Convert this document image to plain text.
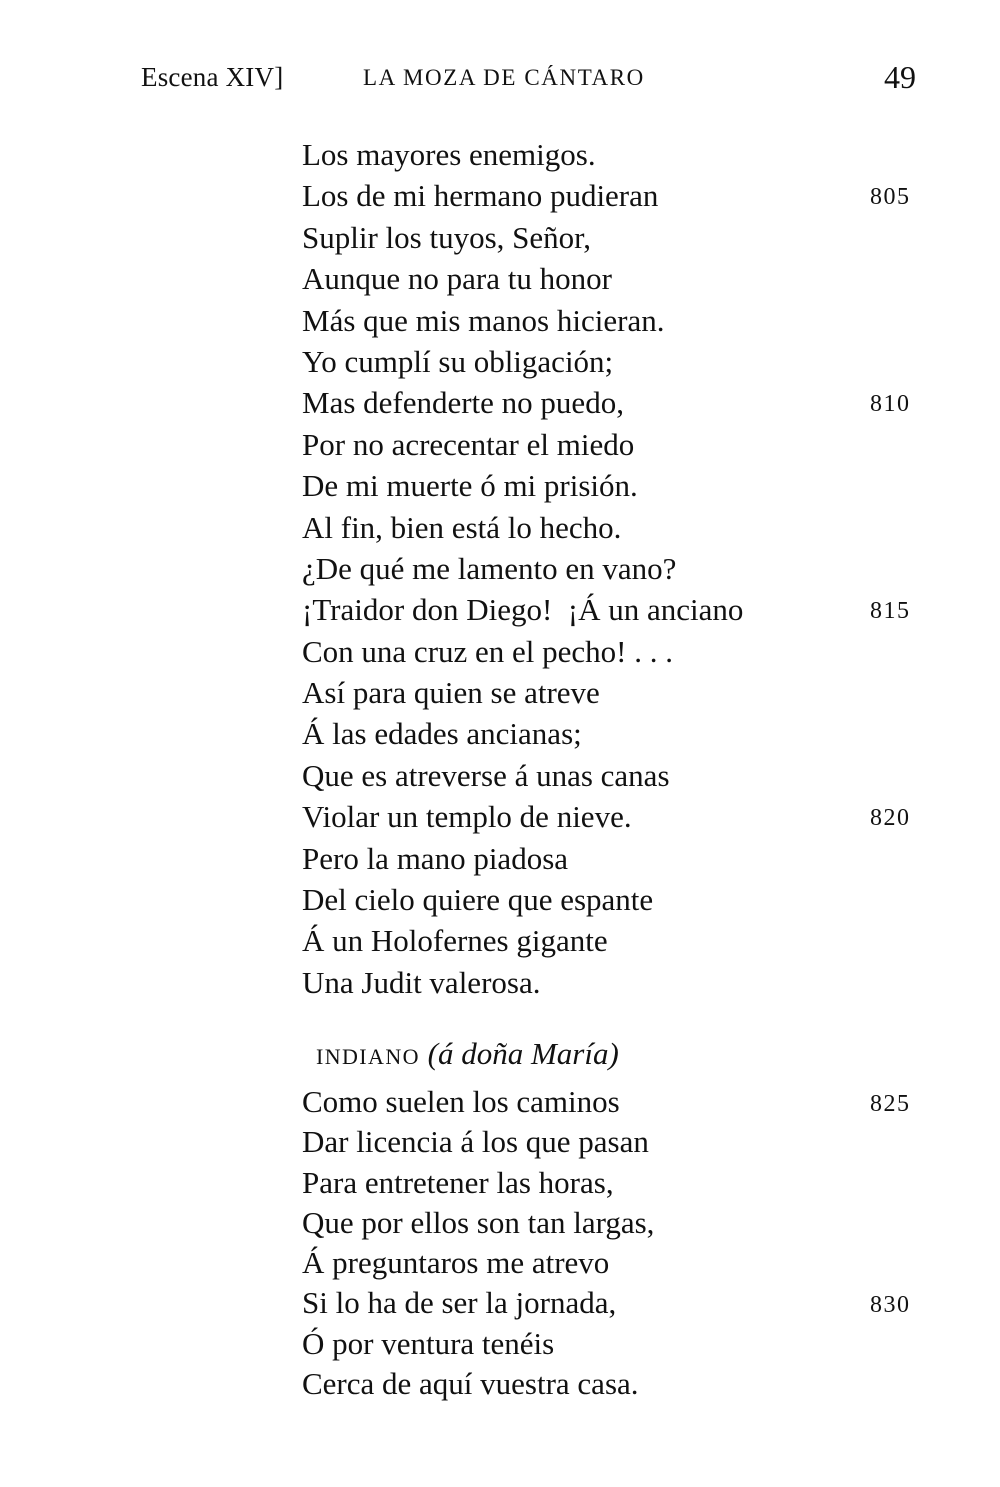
Escena XIV]	LA MOZA DE CÁNTARO	49
Los mayores enemigos.
Los de mi hermano pudieran	805
Suplir los tuyos, Señor,
Aunque no para tu honor
Más que mis manos hicieran.
Yo cumplí su obligación;
Mas defenderte no puedo,	810
Por no acrecentar el miedo
De mi muerte ó mi prisión.
Al fin, bien está lo hecho.
¿De qué me lamento en vano?
¡Traidor don Diego!  ¡Á un anciano	815
Con una cruz en el pecho! . . .
Así para quien se atreve
Á las edades ancianas;
Que es atreverse á unas canas
Violar un templo de nieve.	820
Pero la mano piadosa
Del cielo quiere que espante
Á un Holofernes gigante
Una Judit valerosa.
INDIANO (á doña María)
Como suelen los caminos	825
Dar licencia á los que pasan
Para entretener las horas,
Que por ellos son tan largas,
Á preguntaros me atrevo
Si lo ha de ser la jornada,	830
Ó por ventura tenéis
Cerca de aquí vuestra casa.
